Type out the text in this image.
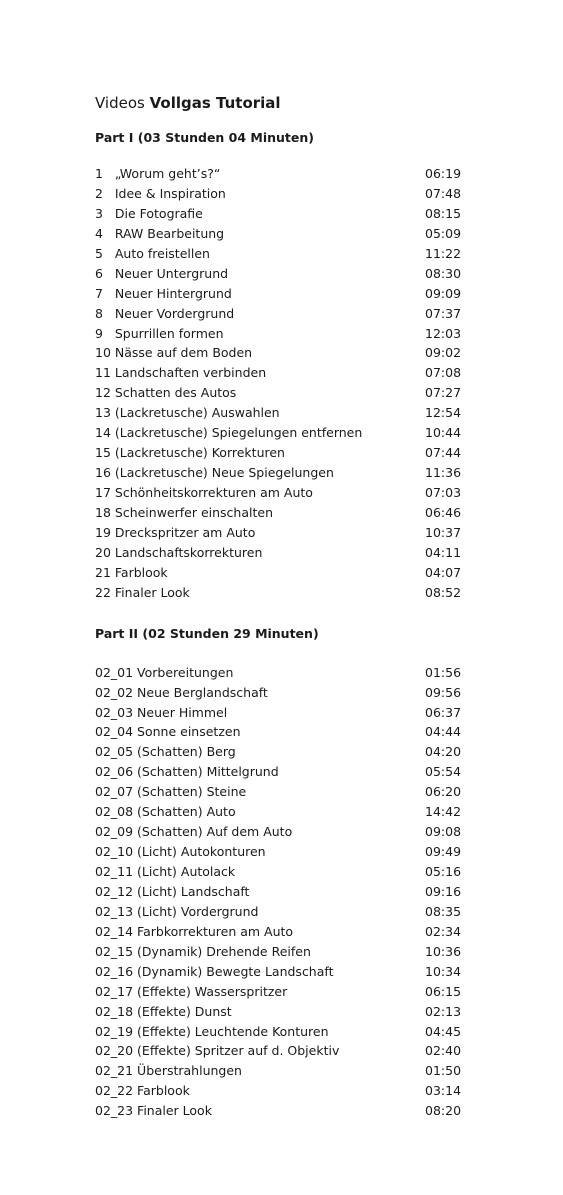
Videos Vollgas Tutorial
Part I (03 Stunden 04 Minuten)
1 „Worum geht’s?“	06:19
2 Idee & Inspiration	07:48
3 Die Fotografie	08:15
4 RAW Bearbeitung	05:09
5 Auto freistellen	11:22
6 Neuer Untergrund	08:30
7 Neuer Hintergrund	09:09
8 Neuer Vordergrund	07:37
9 Spurrillen formen	12:03
10 Nässe auf dem Boden	09:02
11 Landschaften verbinden	07:08
12 Schatten des Autos	07:27
13 (Lackretusche) Auswahlen	12:54
14 (Lackretusche) Spiegelungen entfernen	10:44
15 (Lackretusche) Korrekturen	07:44
16 (Lackretusche) Neue Spiegelungen	11:36
17 Schönheitskorrekturen am Auto	07:03
18 Scheinwerfer einschalten	06:46
19 Dreckspritzer am Auto	10:37
20 Landschaftskorrekturen	04:11
21 Farblook	04:07
22 Finaler Look	08:52
Part II (02 Stunden 29 Minuten)
02_01 Vorbereitungen	01:56
02_02 Neue Berglandschaft	09:56
02_03 Neuer Himmel	06:37
02_04 Sonne einsetzen	04:44
02_05 (Schatten) Berg	04:20
02_06 (Schatten) Mittelgrund	05:54
02_07 (Schatten) Steine	06:20
02_08 (Schatten) Auto	14:42
02_09 (Schatten) Auf dem Auto	09:08
02_10 (Licht) Autokonturen	09:49
02_11 (Licht) Autolack	05:16
02_12 (Licht) Landschaft	09:16
02_13 (Licht) Vordergrund	08:35
02_14 Farbkorrekturen am Auto	02:34
02_15 (Dynamik) Drehende Reifen	10:36
02_16 (Dynamik) Bewegte Landschaft	10:34
02_17 (Effekte) Wasserspritzer	06:15
02_18 (Effekte) Dunst	02:13
02_19 (Effekte) Leuchtende Konturen	04:45
02_20 (Effekte) Spritzer auf d. Objektiv	02:40
02_21 Überstrahlungen	01:50
02_22 Farblook	03:14
02_23 Finaler Look	08:20
